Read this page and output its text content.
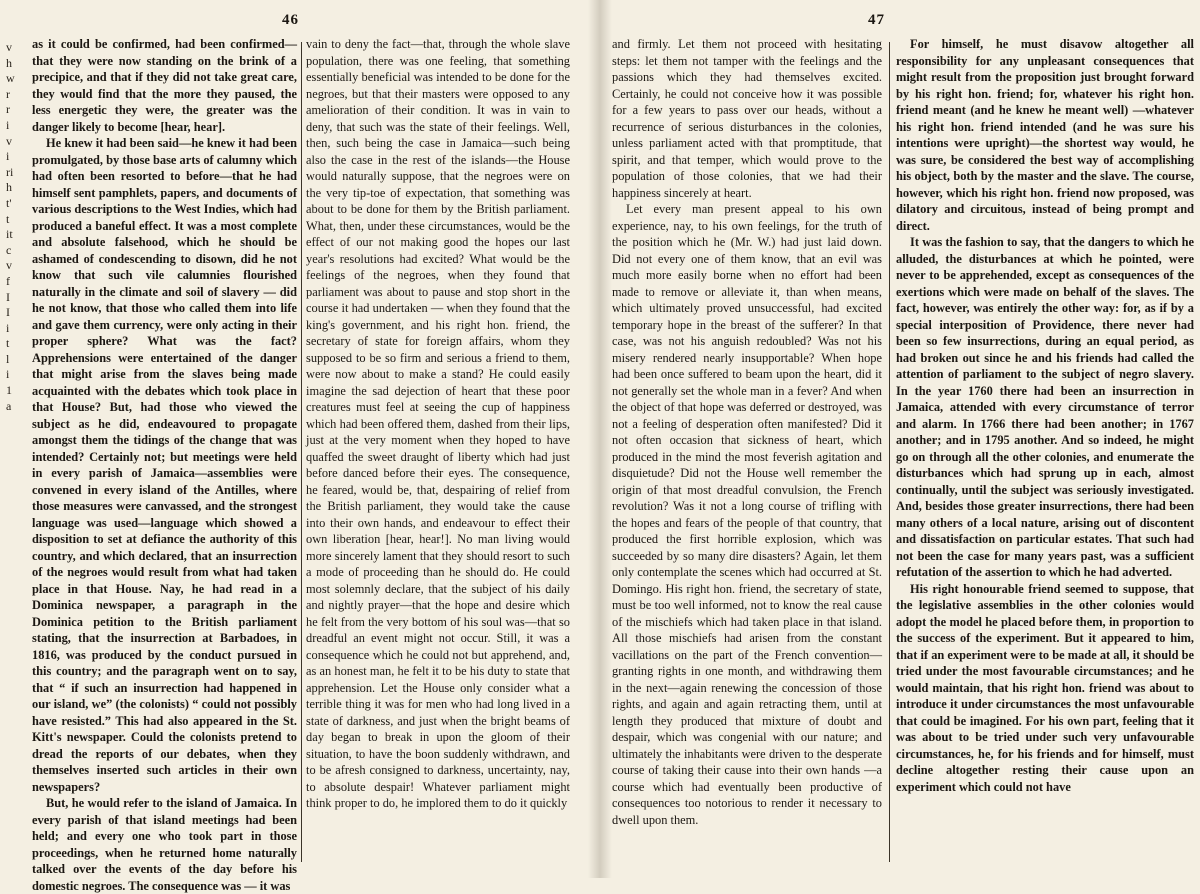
46	47
v
h
w
r
r
i
v
i
ri
h
t'
t
it
c
v
f
I
I
i
t
l
i
1
a

as it could be confirmed, had been confirmed—that they were now standing on the brink of a precipice, and that if they did not take great care, they would find that the more they paused, the less energetic they were, the greater was the danger likely to become [hear, hear].

He knew it had been said—he knew it had been promulgated, by those base arts of calumny which had often been resorted to before—that he had himself sent pamphlets, papers, and documents of various descriptions to the West Indies, which had produced a baneful effect. It was a most complete and absolute falsehood, which he should be ashamed of condescending to disown, did he not know that such vile calumnies flourished naturally in the climate and soil of slavery — did he not know, that those who called them into life and gave them currency, were only acting in their proper sphere? What was the fact? Apprehensions were entertained of the danger that might arise from the slaves being made acquainted with the debates which took place in that House? But, had those who viewed the subject as he did, endeavoured to propagate amongst them the tidings of the change that was intended? Certainly not; but meetings were held in every parish of Jamaica—assemblies were convened in every island of the Antilles, where those measures were canvassed, and the strongest language was used—language which showed a disposition to set at defiance the authority of this country, and which declared, that an insurrection of the negroes would result from what had taken place in that House. Nay, he had read in a Dominica newspaper, a paragraph in the Dominica petition to the British parliament stating, that the insurrection at Barbadoes, in 1816, was produced by the conduct pursued in this country; and the paragraph went on to say, that “ if such an insurrection had happened in our island, we” (the colonists) “ could not possibly have resisted.” This had also appeared in the St. Kitt's newspaper. Could the colonists pretend to dread the reports of our debates, when they themselves inserted such articles in their own newspapers?

But, he would refer to the island of Jamaica. In every parish of that island meetings had been held; and every one who took part in those proceedings, when he returned home naturally talked over the events of the day before his domestic negroes. The consequence was — it was

vain to deny the fact—that, through the whole slave population, there was one feeling, that something essentially beneficial was intended to be done for the negroes, but that their masters were opposed to any amelioration of their condition. It was in vain to deny, that such was the state of their feelings. Well, then, such being the case in Jamaica—such being also the case in the rest of the islands—the House would naturally suppose, that the negroes were on the very tip-toe of expectation, that something was about to be done for them by the British parliament. What, then, under these circumstances, would be the effect of our not making good the hopes our last year's resolutions had excited? What would be the feelings of the negroes, when they found that parliament was about to pause and stop short in the course it had undertaken — when they found that the king's government, and his right hon. friend, the secretary of state for foreign affairs, whom they supposed to be so firm and serious a friend to them, were now about to make a stand? He could easily imagine the sad dejection of heart that these poor creatures must feel at seeing the cup of happiness which had been offered them, dashed from their lips, just at the very moment when they hoped to have quaffed the sweet draught of liberty which had just before danced before their eyes. The consequence, he feared, would be, that, despairing of relief from the British parliament, they would take the cause into their own hands, and endeavour to effect their own liberation [hear, hear!]. No man living would more sincerely lament that they should resort to such a mode of proceeding than he should do. He could most solemnly declare, that the subject of his daily and nightly prayer—that the hope and desire which he felt from the very bottom of his soul was—that so dreadful an event might not occur. Still, it was a consequence which he could not but apprehend, and, as an honest man, he felt it to be his duty to state that apprehension. Let the House only consider what a terrible thing it was for men who had long lived in a state of darkness, and just when the bright beams of day began to break in upon the gloom of their situation, to have the boon suddenly withdrawn, and to be afresh consigned to darkness, uncertainty, nay, to absolute despair! Whatever parliament might think proper to do, he implored them to do it quickly

and firmly. Let them not proceed with hesitating steps: let them not tamper with the feelings and the passions which they had themselves excited. Certainly, he could not conceive how it was possible for a few years to pass over our heads, without a recurrence of serious disturbances in the colonies, unless parliament acted with that promptitude, that spirit, and that temper, which would prove to the population of those colonies, that we had their happiness sincerely at heart.

Let every man present appeal to his own experience, nay, to his own feelings, for the truth of the position which he (Mr. W.) had just laid down. Did not every one of them know, that an evil was much more easily borne when no effort had been made to remove or alleviate it, than when means, which ultimately proved unsuccessful, had excited temporary hope in the breast of the sufferer? In that case, was not his anguish redoubled? Was not his misery rendered nearly insupportable? When hope had been once suffered to beam upon the heart, did it not generally set the whole man in a fever? And when the object of that hope was deferred or destroyed, was not a feeling of desperation often manifested? Did it not often occasion that sickness of heart, which produced in the mind the most feverish agitation and disquietude? Did not the House well remember the origin of that most dreadful convulsion, the French revolution? Was it not a long course of trifling with the hopes and fears of the people of that country, that produced the first horrible explosion, which was succeeded by so many dire disasters? Again, let them only contemplate the scenes which had occurred at St. Domingo. His right hon. friend, the secretary of state, must be too well informed, not to know the real cause of the mischiefs which had taken place in that island. All those mischiefs had arisen from the constant vacillations on the part of the French convention—granting rights in one month, and withdrawing them in the next—again renewing the concession of those rights, and again and again retracting them, until at length they produced that mixture of doubt and despair, which was congenial with our nature; and ultimately the inhabitants were driven to the desperate course of taking their cause into their own hands —a course which had eventually been productive of consequences too notorious to render it necessary to dwell upon them.

For himself, he must disavow altogether all responsibility for any unpleasant consequences that might result from the proposition just brought forward by his right hon. friend; for, whatever his right hon. friend meant (and he knew he meant well) —whatever his right hon. friend intended (and he was sure his intentions were upright)—the shortest way would, he was sure, be considered the best way of accomplishing his object, both by the master and the slave. The course, however, which his right hon. friend now proposed, was dilatory and circuitous, instead of being prompt and direct.

It was the fashion to say, that the dangers to which he alluded, the disturbances at which he pointed, were never to be apprehended, except as consequences of the exertions which were made on behalf of the slaves. The fact, however, was entirely the other way: for, as if by a special interposition of Providence, there never had been so few insurrections, during an equal period, as had broken out since he and his friends had called the attention of parliament to the subject of negro slavery. In the year 1760 there had been an insurrection in Jamaica, attended with every circumstance of terror and alarm. In 1766 there had been another; in 1767 another; and in 1795 another. And so indeed, he might go on through all the other colonies, and enumerate the disturbances which had sprung up in each, almost continually, until the subject was seriously investigated. And, besides those greater insurrections, there had been many others of a local nature, arising out of discontent and dissatisfaction on particular estates. That such had not been the case for many years past, was a sufficient refutation of the assertion to which he had adverted.

His right honourable friend seemed to suppose, that the legislative assemblies in the other colonies would adopt the model he placed before them, in proportion to the success of the experiment. But it appeared to him, that if an experiment were to be made at all, it should be tried under the most favourable circumstances; and he would maintain, that his right hon. friend was about to introduce it under circumstances the most unfavourable that could be imagined. For his own part, feeling that it was about to be tried under such very unfavourable circumstances, he, for his friends and for himself, must decline altogether resting their cause upon an experiment which could not have
